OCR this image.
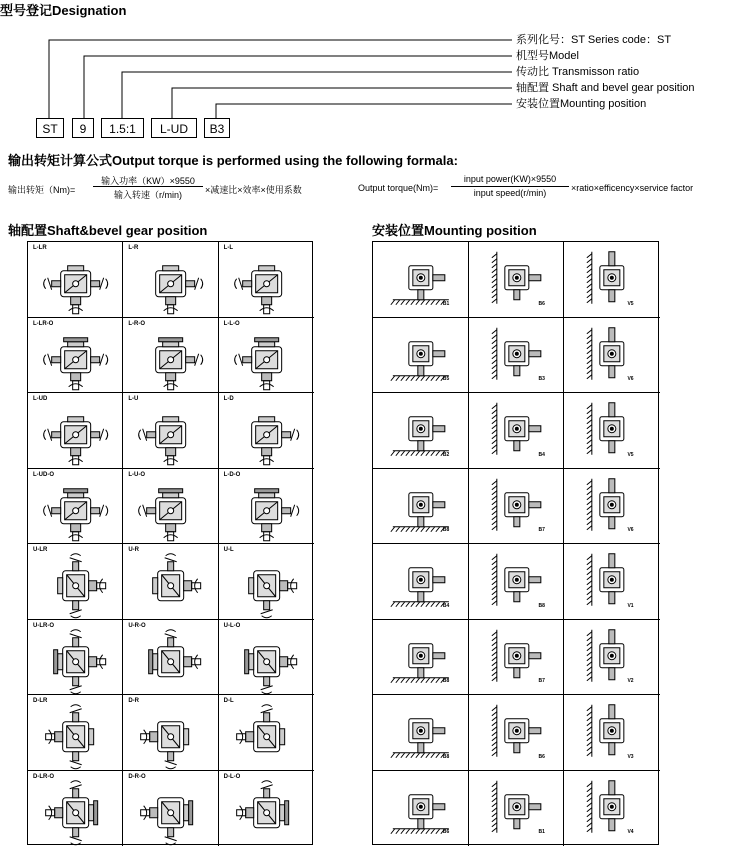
型号登记Designation
ST	9	1.5:1	L-UD	B3
系列化号：ST Series code：ST
机型号Model
传动比 Transmisson ratio
轴配置 Shaft and bevel gear position
安装位置Mounting position
输出转矩计算公式Output torque is performed using the following formala:
输出转矩（Nm)=
输入功率（KW）×9550
输入转速（r/min)	×减速比×效率×使用系数	Output torque(Nm)=
input power(KW)×9550
input speed(r/min)	×ratio×efficency×service factor
轴配置Shaft&bevel gear position	安装位置Mounting position
L-LR	L-R	L-L
L-LR-O	L-R-O	L-L-O
L-UD	L-U	L-D
L-UD-O	L-U-O	L-D-O
U-LR	U-R	U-L
U-LR-O	U-R-O	U-L-O
D-LR	D-R	D-L
D-LR-O	D-R-O	D-L-O
B1	B6	V5
B5	B3	V6
B2	B4	V5
B8	B7	V6
B4	B8	V1
B8	B7	V2
B8	B6	V3
B6	B1	V4
